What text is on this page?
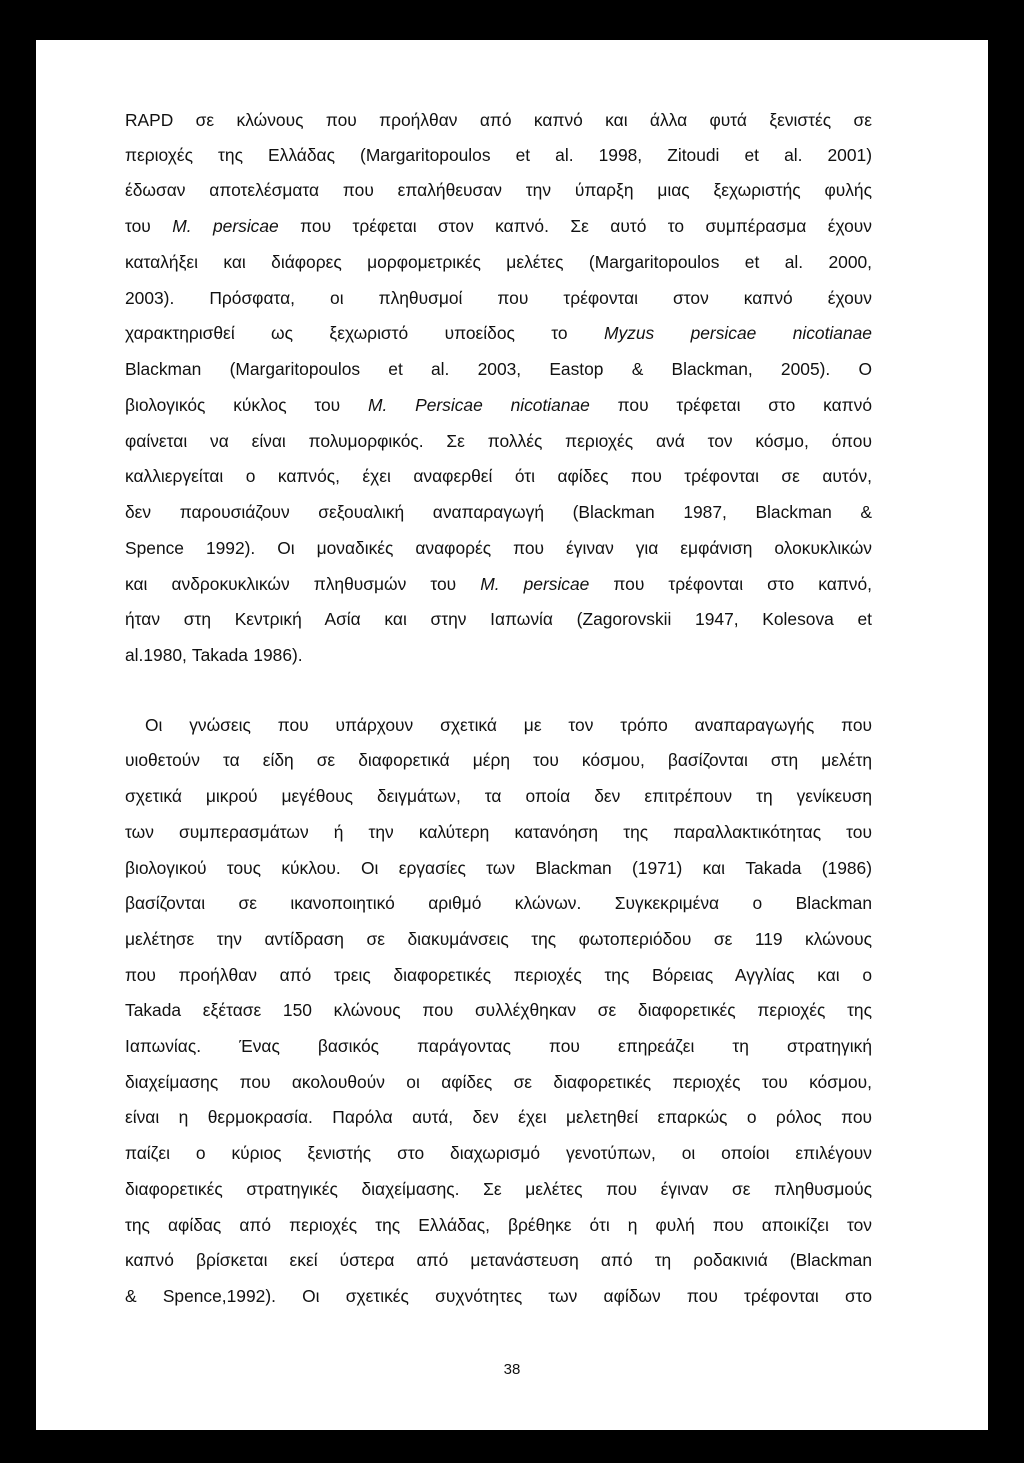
RAPD σε κλώνους που προήλθαν από καπνό και άλλα φυτά ξενιστές σε
περιοχές της Ελλάδας (Margaritopoulos et al. 1998, Zitoudi et al. 2001)
έδωσαν αποτελέσματα που επαλήθευσαν την ύπαρξη μιας ξεχωριστής φυλής
του M. persicae που τρέφεται στον καπνό. Σε αυτό το συμπέρασμα έχουν
καταλήξει και διάφορες μορφομετρικές μελέτες (Margaritopoulos et al. 2000,
2003). Πρόσφατα, οι πληθυσμοί που τρέφονται στον καπνό έχουν
χαρακτηρισθεί ως ξεχωριστό υποείδος το Myzus persicae nicotianae
Blackman (Margaritopoulos et al. 2003, Eastop & Blackman, 2005). O
βιολογικός κύκλος του M. Persicae nicotianae που τρέφεται στο καπνό
φαίνεται να είναι πολυμορφικός. Σε πολλές περιοχές ανά τον κόσμο, όπου
καλλιεργείται ο καπνός, έχει αναφερθεί ότι αφίδες που τρέφονται σε αυτόν,
δεν παρουσιάζουν σεξουαλική αναπαραγωγή (Blackman 1987, Blackman &
Spence 1992). Οι μοναδικές αναφορές που έγιναν για εμφάνιση ολοκυκλικών
και ανδροκυκλικών πληθυσμών του M. persicae που τρέφονται στο καπνό,
ήταν στη Κεντρική Ασία και στην Ιαπωνία (Zagorovskii 1947, Kolesova et
al.1980, Takada 1986).
Οι γνώσεις που υπάρχουν σχετικά με τον τρόπο αναπαραγωγής που
υιοθετούν τα είδη σε διαφορετικά μέρη του κόσμου, βασίζονται στη μελέτη
σχετικά μικρού μεγέθους δειγμάτων, τα οποία δεν επιτρέπουν τη γενίκευση
των συμπερασμάτων ή την καλύτερη κατανόηση της παραλλακτικότητας του
βιολογικού τους κύκλου. Οι εργασίες των Blackman (1971) και Takada (1986)
βασίζονται σε ικανοποιητικό αριθμό κλώνων. Συγκεκριμένα ο Blackman
μελέτησε την αντίδραση σε διακυμάνσεις της φωτοπεριόδου σε 119 κλώνους
που προήλθαν από τρεις διαφορετικές περιοχές της Βόρειας Αγγλίας και ο
Takada εξέτασε 150 κλώνους που συλλέχθηκαν σε διαφορετικές περιοχές της
Ιαπωνίας. Ένας βασικός παράγοντας που επηρεάζει τη στρατηγική
διαχείμασης που ακολουθούν οι αφίδες σε διαφορετικές περιοχές του κόσμου,
είναι η θερμοκρασία. Παρόλα αυτά, δεν έχει μελετηθεί επαρκώς ο ρόλος που
παίζει ο κύριος ξενιστής στο διαχωρισμό γενοτύπων, οι οποίοι επιλέγουν
διαφορετικές στρατηγικές διαχείμασης. Σε μελέτες που έγιναν σε πληθυσμούς
της αφίδας από περιοχές της Ελλάδας, βρέθηκε ότι η φυλή που αποικίζει τον
καπνό βρίσκεται εκεί ύστερα από μετανάστευση από τη ροδακινιά (Blackman
& Spence,1992). Οι σχετικές συχνότητες των αφίδων που τρέφονται στο
38
